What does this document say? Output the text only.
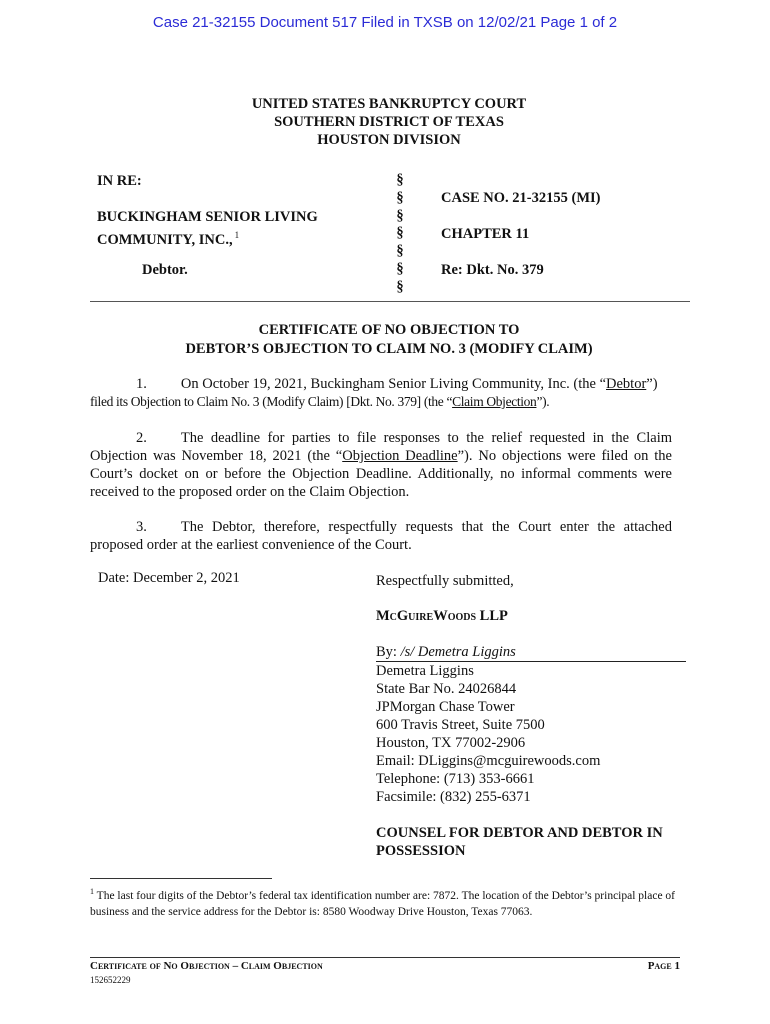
Case 21-32155 Document 517 Filed in TXSB on 12/02/21 Page 1 of 2
UNITED STATES BANKRUPTCY COURT
SOUTHERN DISTRICT OF TEXAS
HOUSTON DIVISION
IN RE:
BUCKINGHAM SENIOR LIVING
COMMUNITY, INC., $^1$
Debtor.
§
§
§
§
§
§
§
CASE NO. 21-32155 (MI)
CHAPTER 11
Re: Dkt. No. 379
CERTIFICATE OF NO OBJECTION TO
DEBTOR’S OBJECTION TO CLAIM NO. 3 (MODIFY CLAIM)

1. On October 19, 2021, Buckingham Senior Living Community, Inc. (the “Debtor”)

filed its Objection to Claim No. 3 (Modify Claim) [Dkt. No. 379] (the “Claim Objection”).

2. The deadline for parties to file responses to the relief requested in the Claim Objection was November 18, 2021 (the “Objection Deadline”). No objections were filed on the Court’s docket on or before the Objection Deadline. Additionally, no informal comments were received to the proposed order on the Claim Objection.

3. The Debtor, therefore, respectfully requests that the Court enter the attached proposed order at the earliest convenience of the Court.

Date: December 2, 2021	Respectfully submitted,
McGuireWoods LLP
By: /s/ Demetra Liggins
Demetra Liggins
State Bar No. 24026844
JPMorgan Chase Tower
600 Travis Street, Suite 7500
Houston, TX 77002-2906
Email: DLiggins@mcguirewoods.com
Telephone: (713) 353-6661
Facsimile: (832) 255-6371
COUNSEL FOR DEBTOR AND DEBTOR IN
POSSESSION
$^1$ The last four digits of the Debtor’s federal tax identification number are: 7872. The location of the Debtor’s principal place of business and the service address for the Debtor is: 8580 Woodway Drive Houston, Texas 77063.
Certificate of No Objection – Claim Objection	Page 1
152652229
